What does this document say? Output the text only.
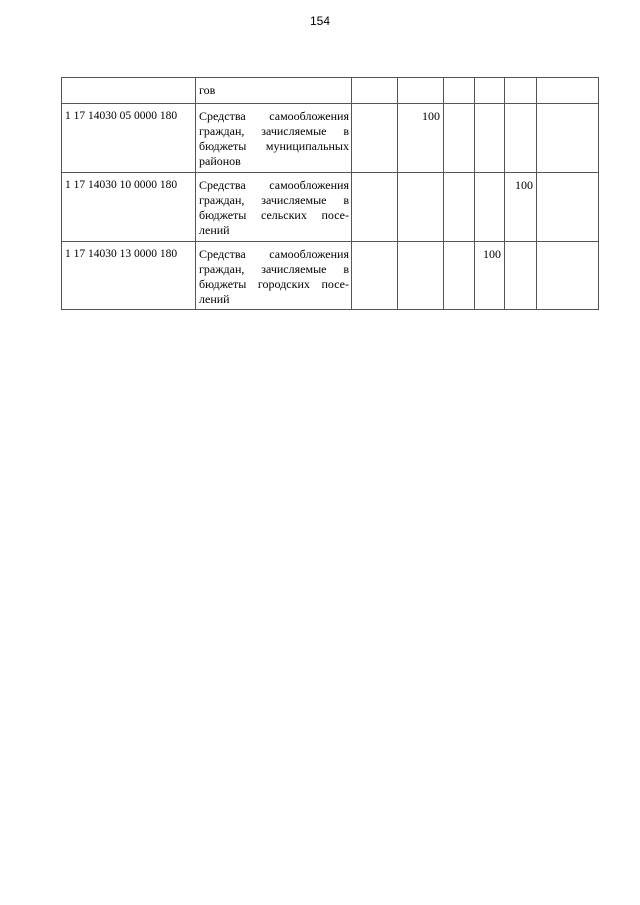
154
	гов						
1 17 14030 05 0000 180	Средства самообложения граждан, зачисляемые в бюджеты муниципальных районов		100				
1 17 14030 10 0000 180	Средства самообложения граждан, зачисляемые в бюджеты сельских посе-лений					100	
1 17 14030 13 0000 180	Средства самообложения граждан, зачисляемые в бюджеты городских посе-лений				100		
